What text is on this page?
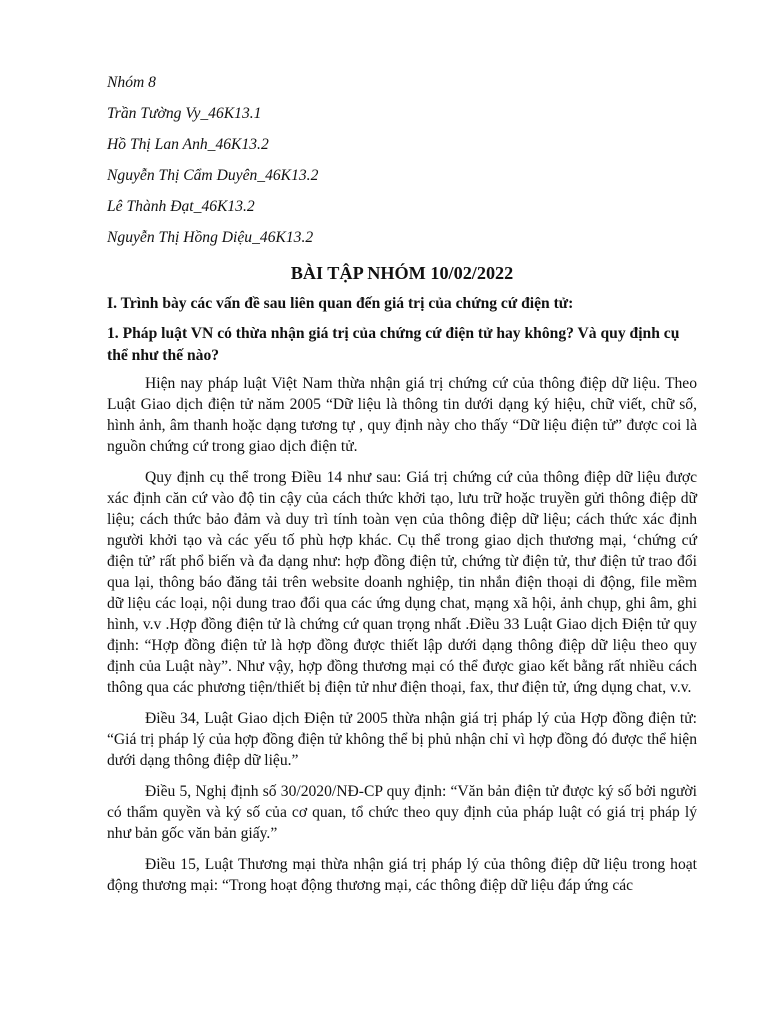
Nhóm 8

Trần Tường Vy_46K13.1

Hồ Thị Lan Anh_46K13.2

Nguyễn Thị Cẩm Duyên_46K13.2

Lê Thành Đạt_46K13.2

Nguyễn Thị Hồng Diệu_46K13.2

BÀI TẬP NHÓM 10/02/2022

I. Trình bày các vấn đề sau liên quan đến giá trị của chứng cứ điện tử:

1. Pháp luật VN có thừa nhận giá trị của chứng cứ điện tử hay không? Và quy định cụ thể như thế nào?

Hiện nay pháp luật Việt Nam thừa nhận giá trị chứng cứ của thông điệp dữ liệu. Theo Luật Giao dịch điện tử năm 2005 “Dữ liệu là thông tin dưới dạng ký hiệu, chữ viết, chữ số, hình ảnh, âm thanh hoặc dạng tương tự , quy định này cho thấy “Dữ liệu điện tử” được coi là nguồn chứng cứ trong giao dịch điện tử.

Quy định cụ thể trong Điều 14 như sau: Giá trị chứng cứ của thông điệp dữ liệu được xác định căn cứ vào độ tin cậy của cách thức khởi tạo, lưu trữ hoặc truyền gửi thông điệp dữ liệu; cách thức bảo đảm và duy trì tính toàn vẹn của thông điệp dữ liệu; cách thức xác định người khởi tạo và các yếu tố phù hợp khác. Cụ thể trong giao dịch thương mại, ‘chứng cứ điện tử’ rất phổ biến và đa dạng như: hợp đồng điện tử, chứng từ điện tử, thư điện tử trao đổi qua lại, thông báo đăng tải trên website doanh nghiệp, tin nhắn điện thoại di động, file mềm dữ liệu các loại, nội dung trao đổi qua các ứng dụng chat, mạng xã hội, ảnh chụp, ghi âm, ghi hình, v.v .Hợp đồng điện tử là chứng cứ quan trọng nhất .Điều 33 Luật Giao dịch Điện tử quy định: “Hợp đồng điện tử là hợp đồng được thiết lập dưới dạng thông điệp dữ liệu theo quy định của Luật này”. Như vậy, hợp đồng thương mại có thể được giao kết bằng rất nhiều cách thông qua các phương tiện/thiết bị điện tử như điện thoại, fax, thư điện tử, ứng dụng chat, v.v.

Điều 34, Luật Giao dịch Điện tử 2005 thừa nhận giá trị pháp lý của Hợp đồng điện tử: “Giá trị pháp lý của hợp đồng điện tử không thể bị phủ nhận chỉ vì hợp đồng đó được thể hiện dưới dạng thông điệp dữ liệu.”

Điều 5, Nghị định số 30/2020/NĐ-CP quy định: “Văn bản điện tử được ký số bởi người có thẩm quyền và ký số của cơ quan, tổ chức theo quy định của pháp luật có giá trị pháp lý như bản gốc văn bản giấy.”

Điều 15, Luật Thương mại thừa nhận giá trị pháp lý của thông điệp dữ liệu trong hoạt động thương mại: “Trong hoạt động thương mại, các thông điệp dữ liệu đáp ứng các
